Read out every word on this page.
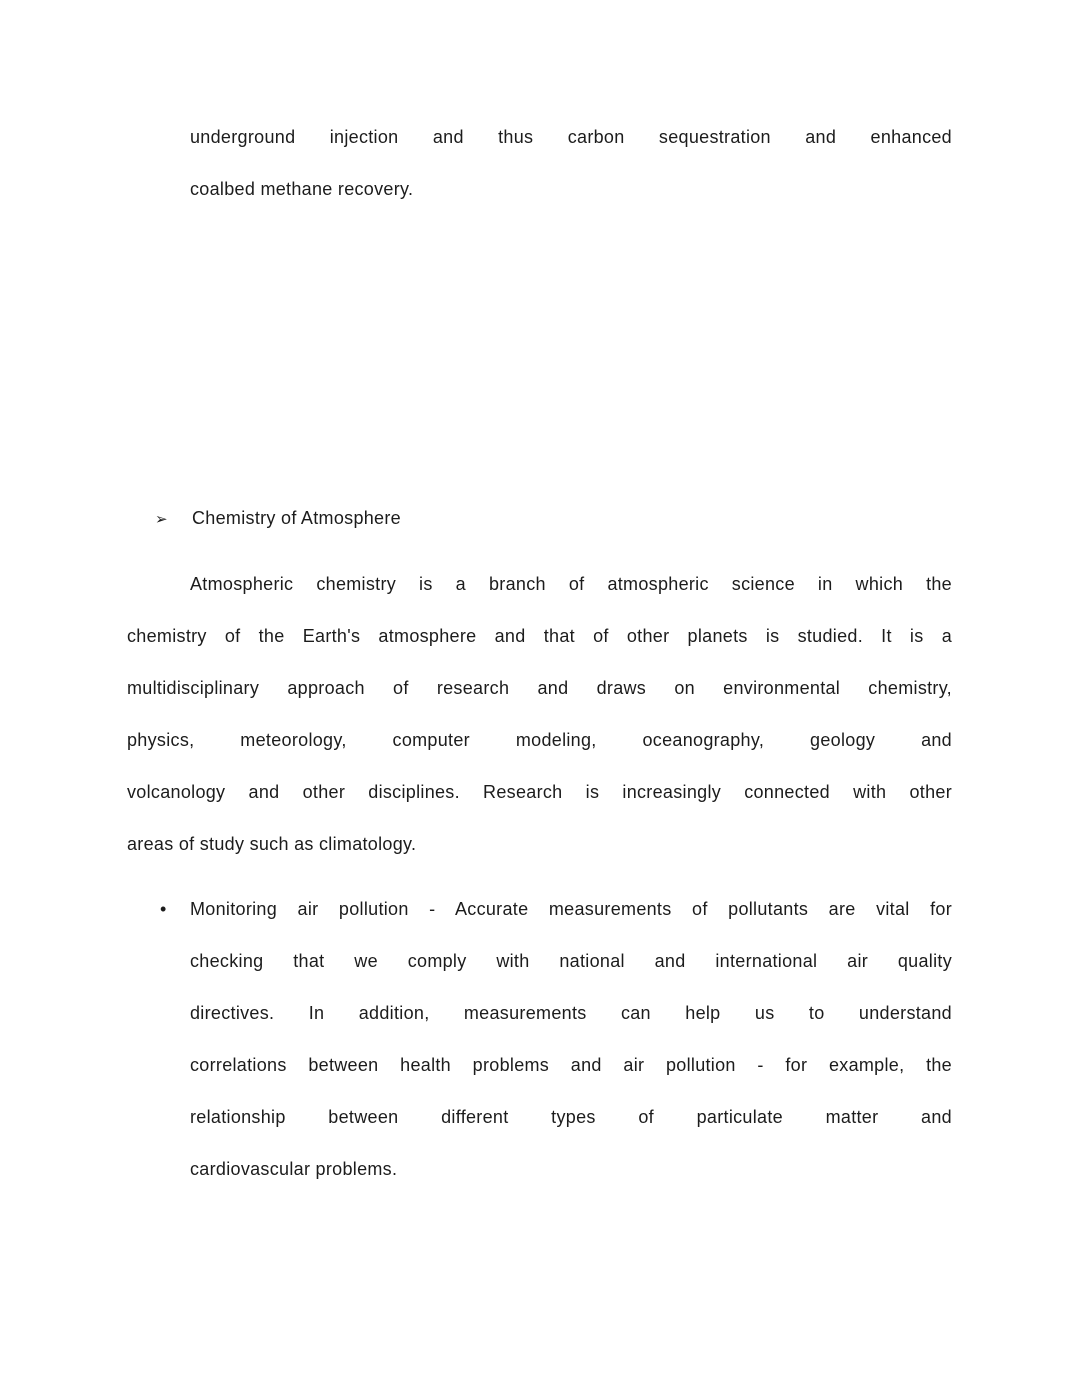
underground injection and thus carbon sequestration and enhanced
coalbed methane recovery.
➢ Chemistry of Atmosphere
Atmospheric chemistry is a branch of atmospheric science in which the
chemistry of the Earth's atmosphere and that of other planets is studied. It is a
multidisciplinary approach of research and draws on environmental chemistry,
physics, meteorology, computer modeling, oceanography, geology and
volcanology and other disciplines. Research is increasingly connected with other
areas of study such as climatology.
• Monitoring air pollution - Accurate measurements of pollutants are vital for
checking that we comply with national and international air quality
directives. In addition, measurements can help us to understand
correlations between health problems and air pollution - for example, the
relationship between different types of particulate matter and
cardiovascular problems.
